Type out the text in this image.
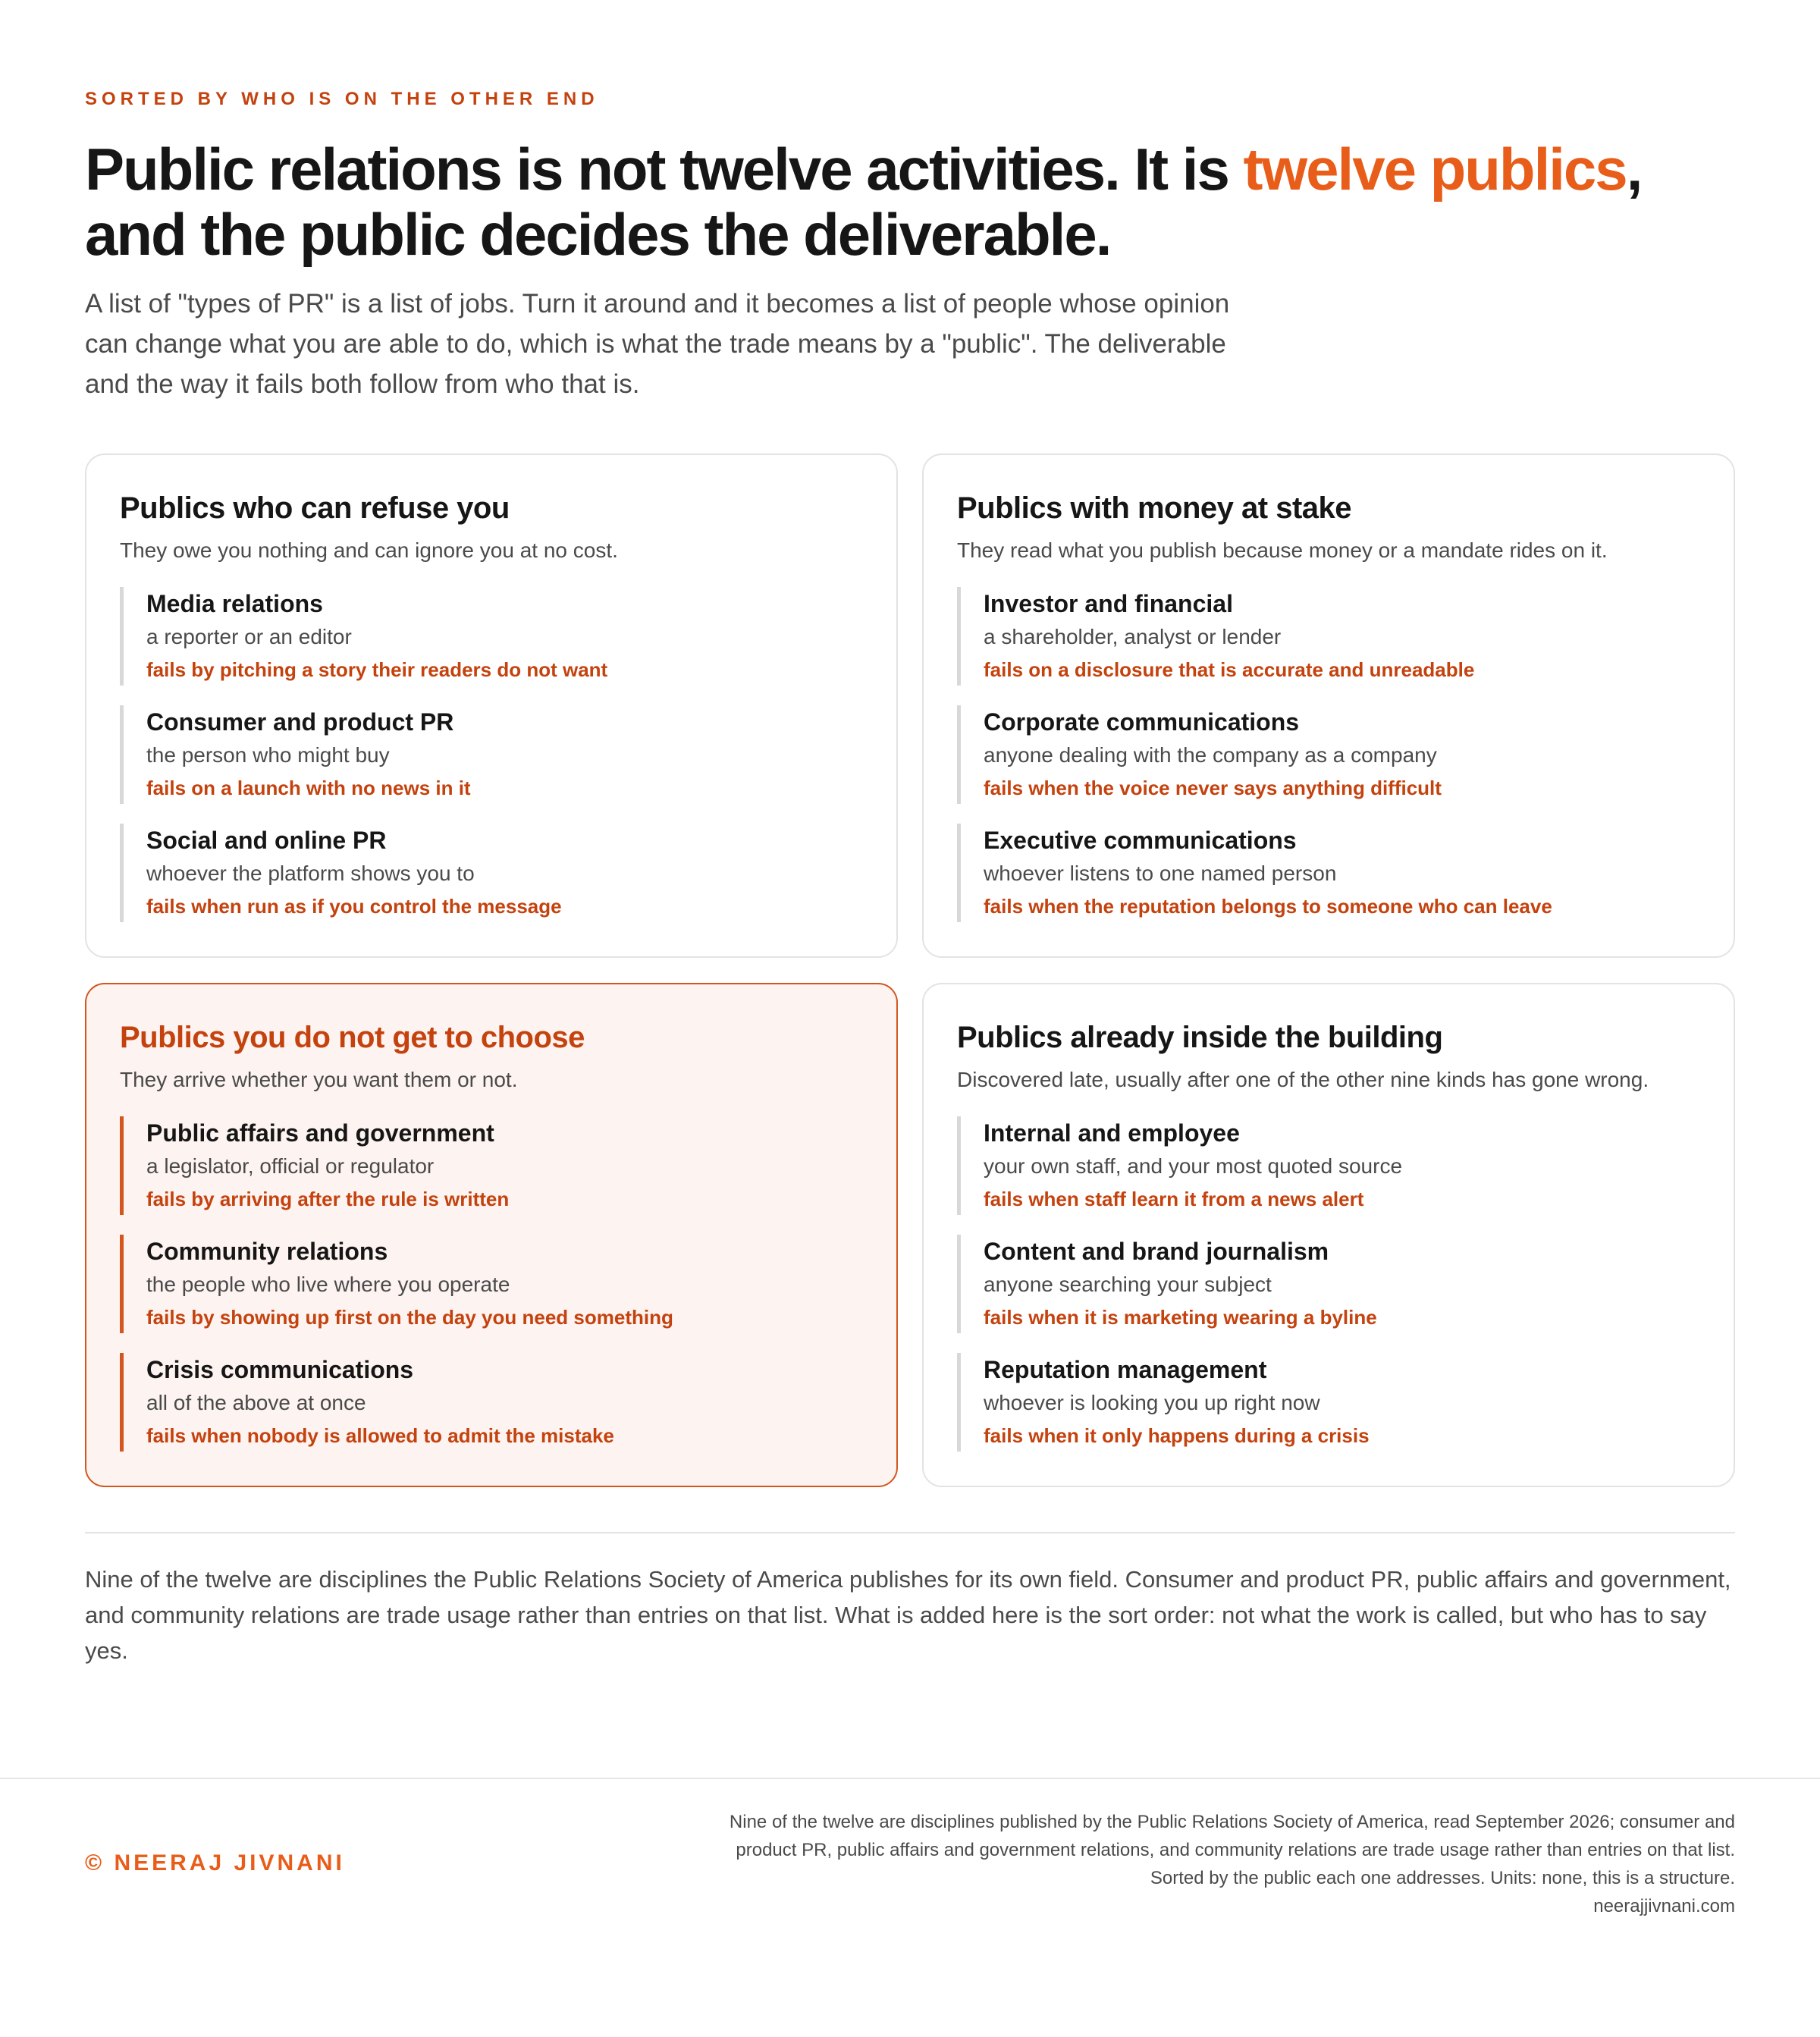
SORTED BY WHO IS ON THE OTHER END
Public relations is not twelve activities. It is twelve publics,
and the public decides the deliverable.

A list of "types of PR" is a list of jobs. Turn it around and it becomes a list of people whose opinion can change what you are able to do, which is what the trade means by a "public". The deliverable and the way it fails both follow from who that is.

Publics who can refuse you
They owe you nothing and can ignore you at no cost.
Media relations
a reporter or an editor
fails by pitching a story their readers do not want
Consumer and product PR
the person who might buy
fails on a launch with no news in it
Social and online PR
whoever the platform shows you to
fails when run as if you control the message
Publics with money at stake
They read what you publish because money or a mandate rides on it.
Investor and financial
a shareholder, analyst or lender
fails on a disclosure that is accurate and unreadable
Corporate communications
anyone dealing with the company as a company
fails when the voice never says anything difficult
Executive communications
whoever listens to one named person
fails when the reputation belongs to someone who can leave
Publics you do not get to choose
They arrive whether you want them or not.
Public affairs and government
a legislator, official or regulator
fails by arriving after the rule is written
Community relations
the people who live where you operate
fails by showing up first on the day you need something
Crisis communications
all of the above at once
fails when nobody is allowed to admit the mistake
Publics already inside the building
Discovered late, usually after one of the other nine kinds has gone wrong.
Internal and employee
your own staff, and your most quoted source
fails when staff learn it from a news alert
Content and brand journalism
anyone searching your subject
fails when it is marketing wearing a byline
Reputation management
whoever is looking you up right now
fails when it only happens during a crisis

Nine of the twelve are disciplines the Public Relations Society of America publishes for its own field. Consumer and product PR, public affairs and government, and community relations are trade usage rather than entries on that list. What is added here is the sort order: not what the work is called, but who has to say yes.

© NEERAJ JIVNANI
Nine of the twelve are disciplines published by the Public Relations Society of America, read September 2026; consumer and product PR, public affairs and government relations, and community relations are trade usage rather than entries on that list. Sorted by the public each one addresses. Units: none, this is a structure.
neerajjivnani.com
